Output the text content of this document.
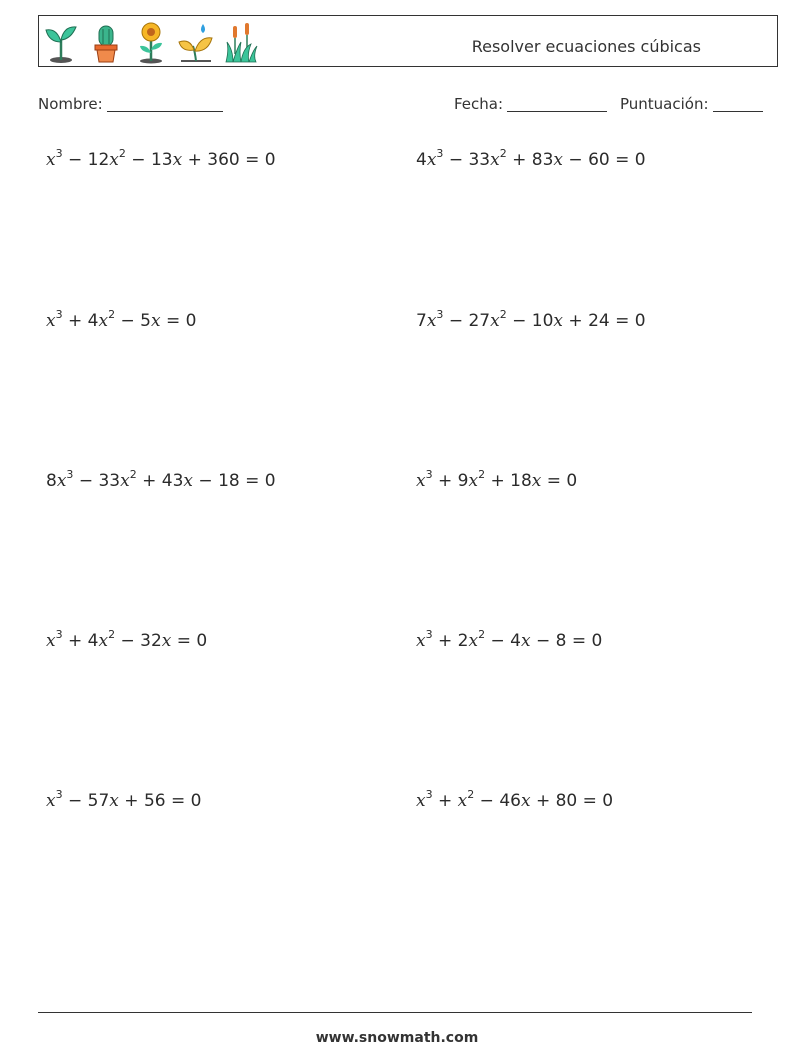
Resolver ecuaciones cúbicas
Nombre:	Fecha:	Puntuación:
$x^3 - 12x^2 - 13x + 360 = 0$	$4x^3 - 33x^2 + 83x - 60 = 0$
$x^3 + 4x^2 - 5x = 0$	$7x^3 - 27x^2 - 10x + 24 = 0$
$8x^3 - 33x^2 + 43x - 18 = 0$	$x^3 + 9x^2 + 18x = 0$
$x^3 + 4x^2 - 32x = 0$	$x^3 + 2x^2 - 4x - 8 = 0$
$x^3 - 57x + 56 = 0$	$x^3 + x^2 - 46x + 80 = 0$
www.snowmath.com
